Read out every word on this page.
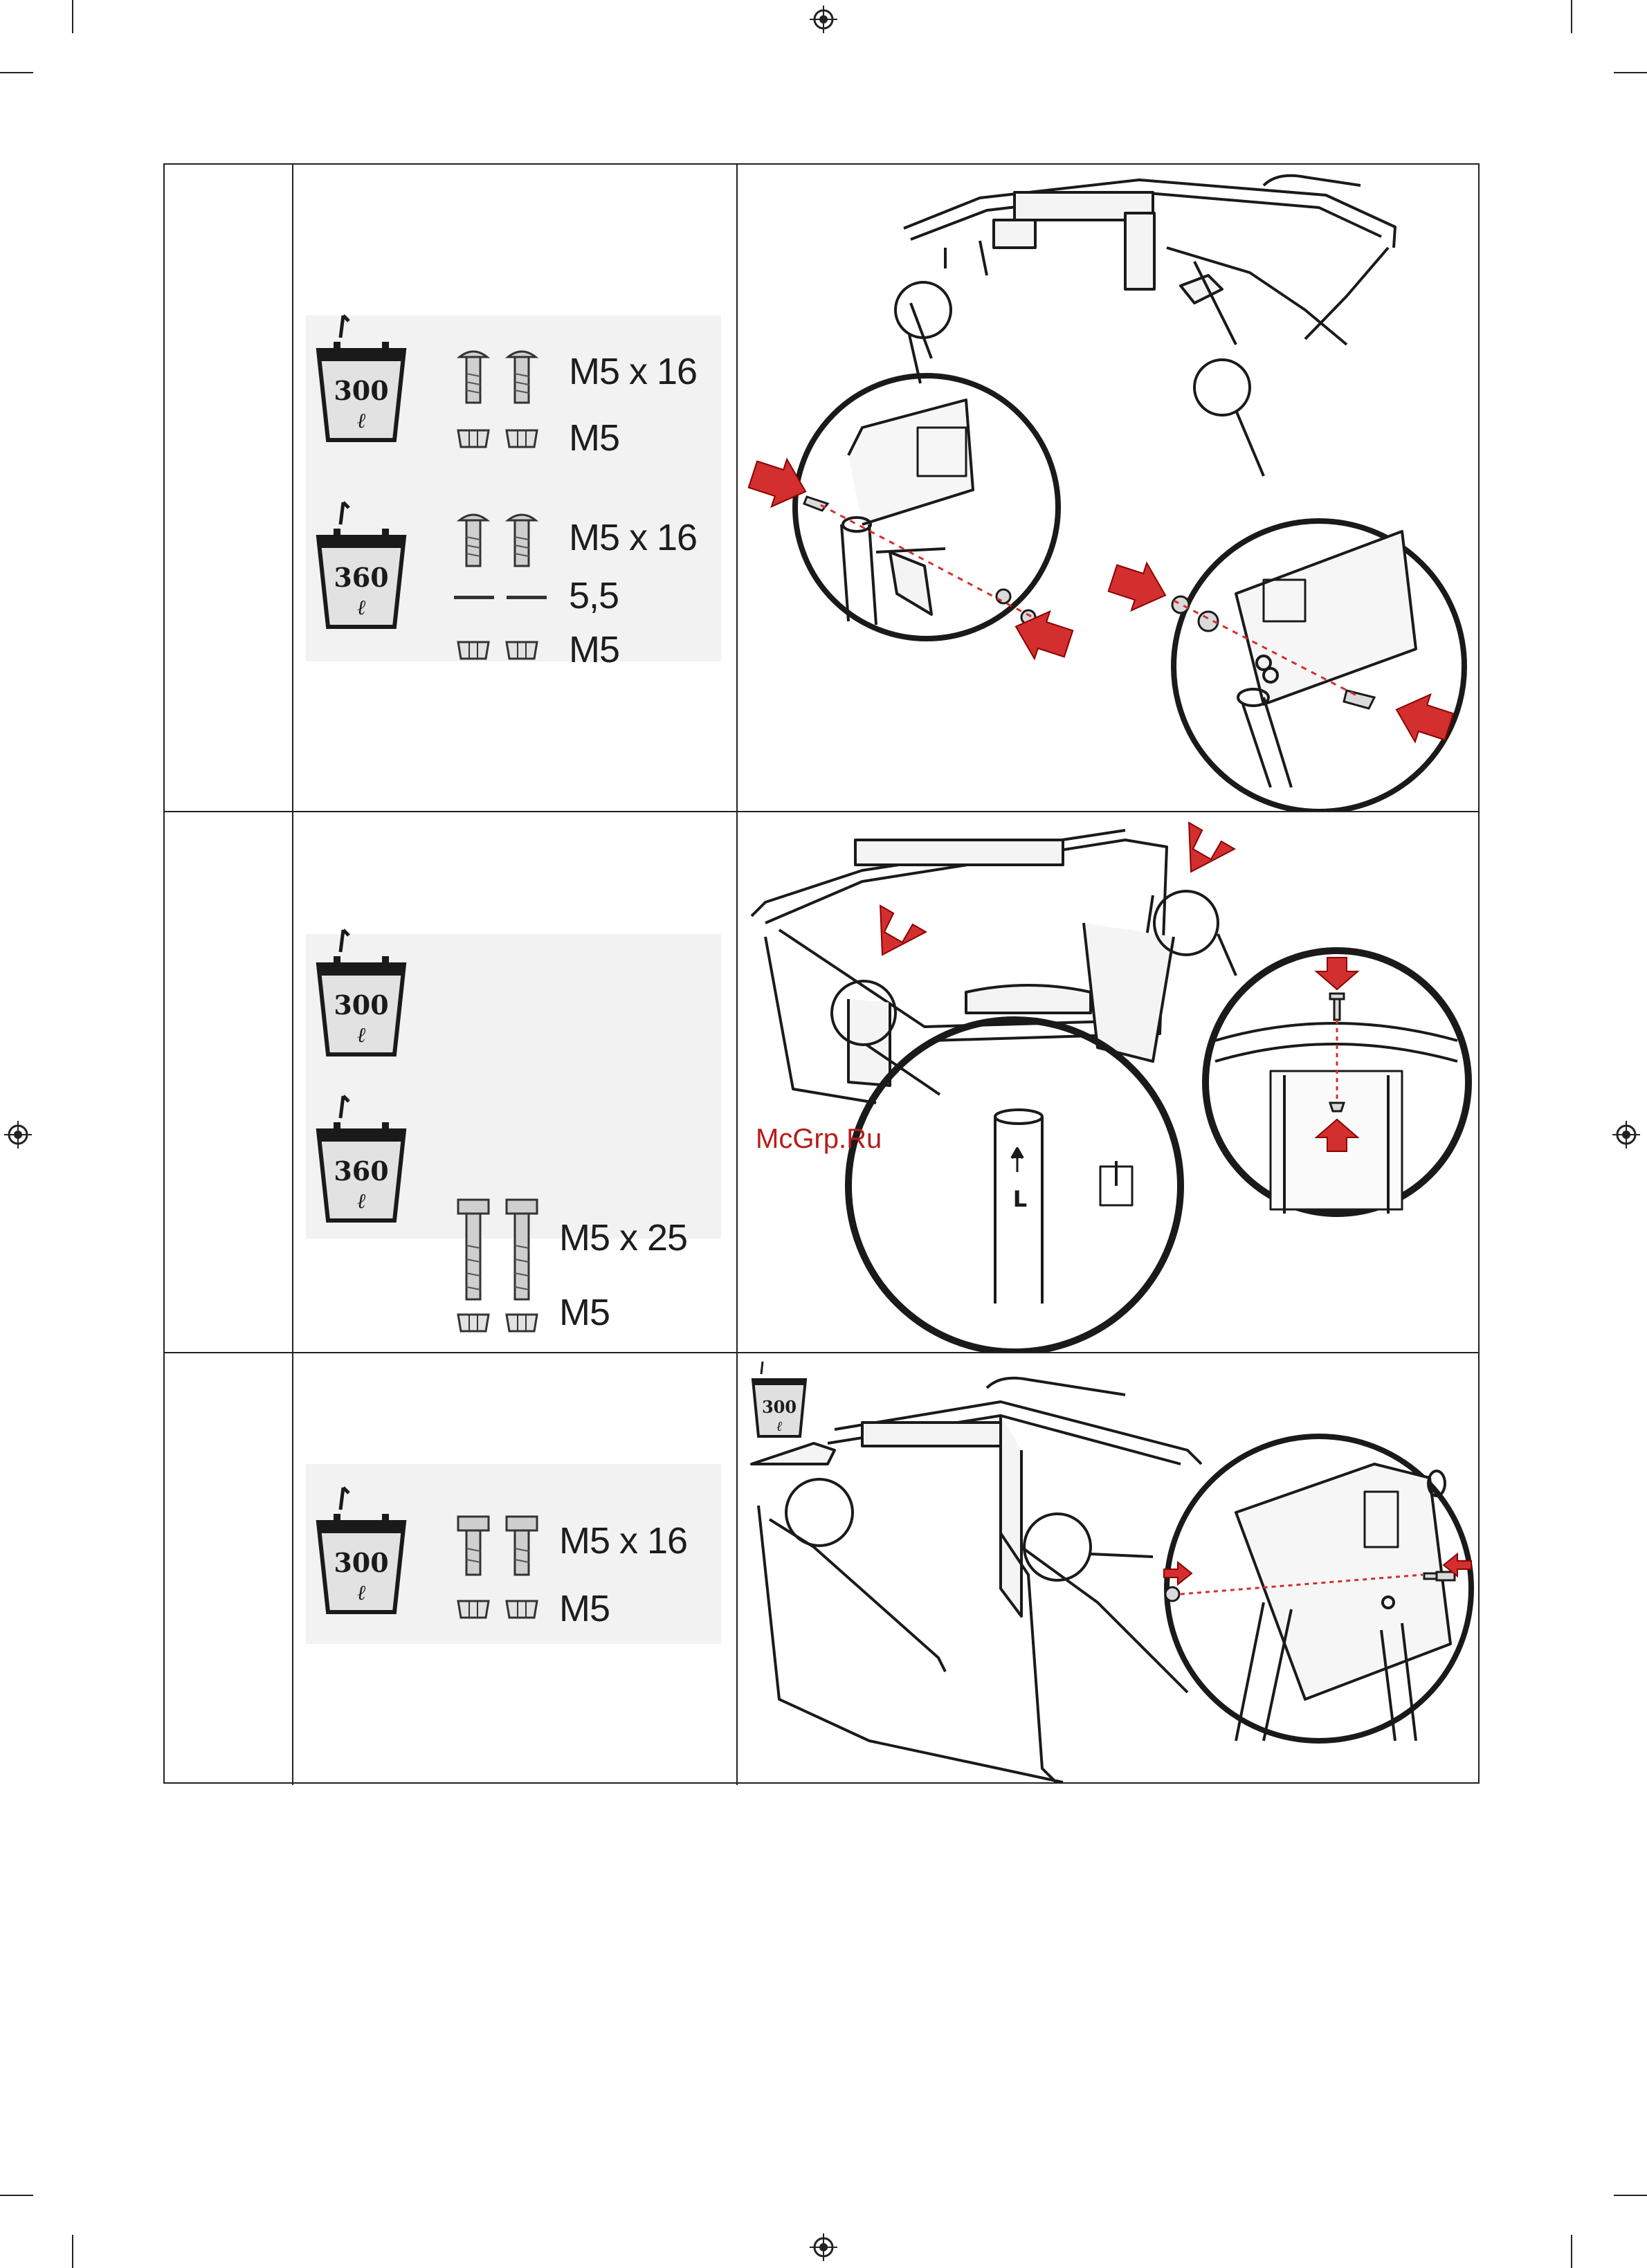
300
ℓ
360
ℓ
M5 x 16
M5
M5 x 16
5,5
M5
300
ℓ
360
ℓ
M5 x 25
M5
L
McGrp.Ru
300
ℓ
M5 x 16
M5
300
ℓ
